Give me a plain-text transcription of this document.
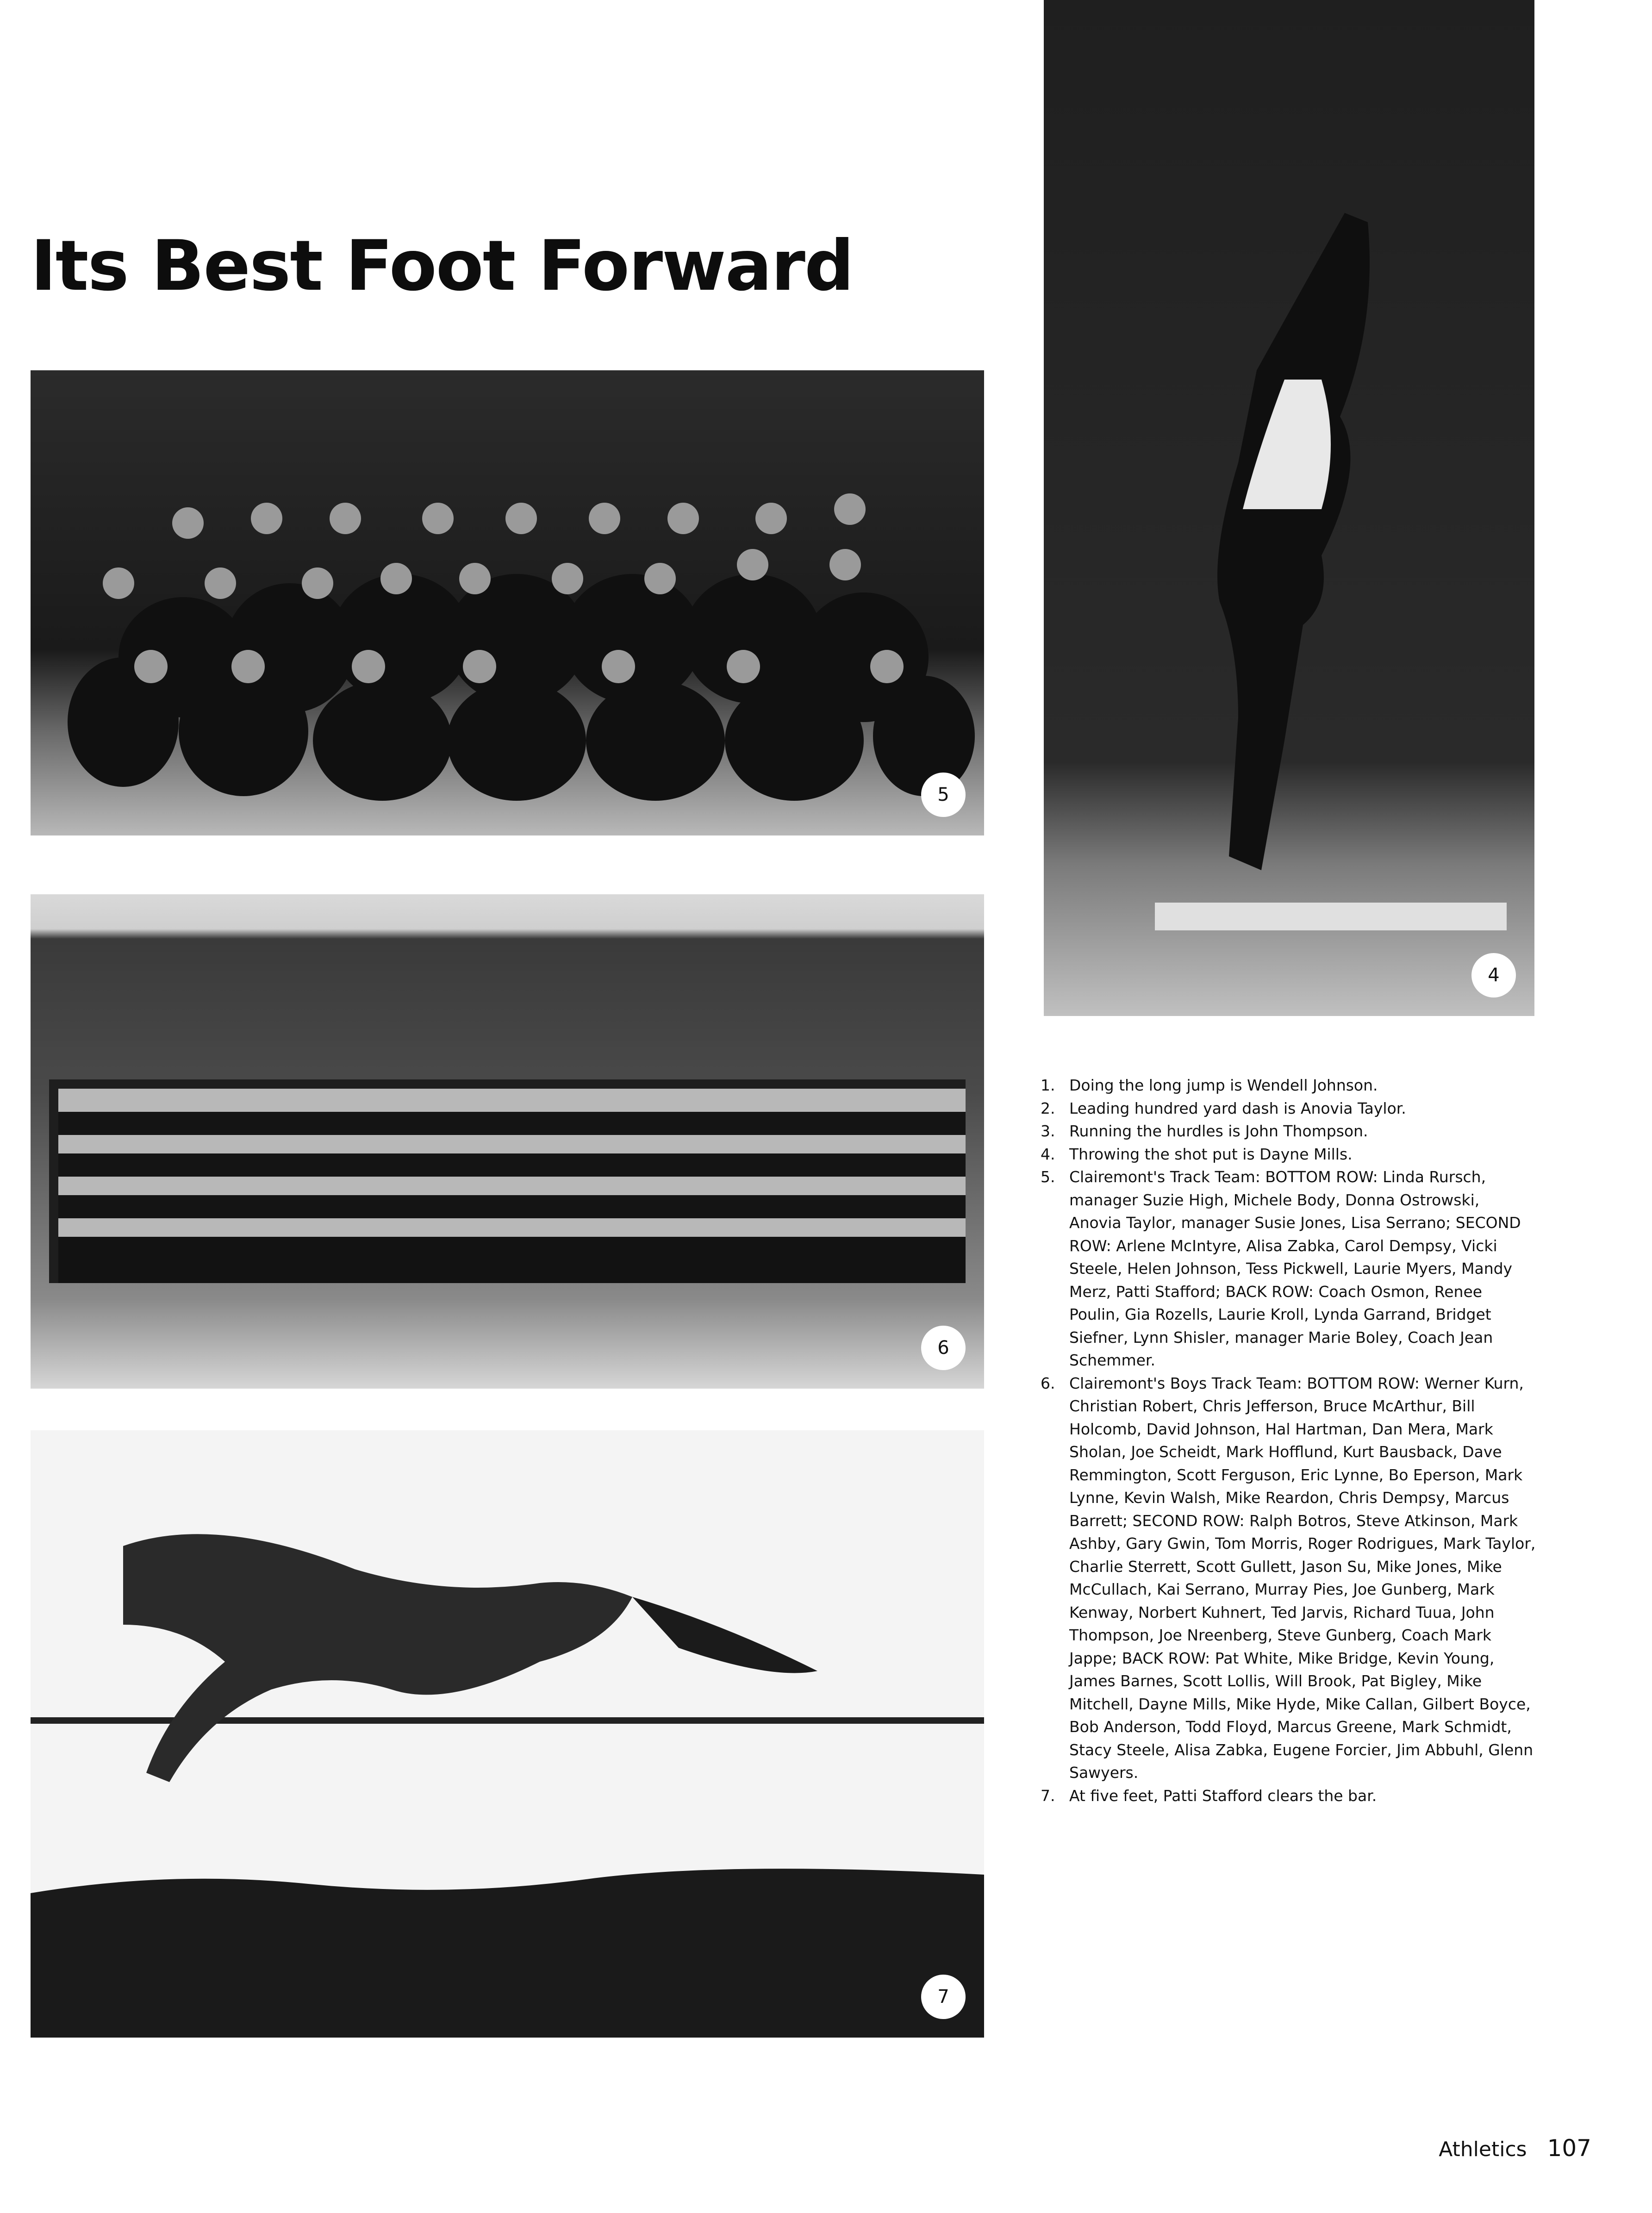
Its Best Foot Forward
5
6
7
4
1. Doing the long jump is Wendell Johnson.
2. Leading hundred yard dash is Anovia Taylor.
3. Running the hurdles is John Thompson.
4. Throwing the shot put is Dayne Mills.
5. Clairemont's Track Team: BOTTOM ROW: Linda Rursch, manager Suzie High, Michele Body, Donna Ostrowski, Anovia Taylor, manager Susie Jones, Lisa Serrano; SECOND ROW: Arlene McIntyre, Alisa Zabka, Carol Dempsy, Vicki Steele, Helen Johnson, Tess Pickwell, Laurie Myers, Mandy Merz, Patti Stafford; BACK ROW: Coach Osmon, Renee Poulin, Gia Rozells, Laurie Kroll, Lynda Garrand, Bridget Siefner, Lynn Shisler, manager Marie Boley, Coach Jean Schemmer.
6. Clairemont's Boys Track Team: BOTTOM ROW: Werner Kurn, Christian Robert, Chris Jefferson, Bruce McArthur, Bill Holcomb, David Johnson, Hal Hartman, Dan Mera, Mark Sholan, Joe Scheidt, Mark Hofflund, Kurt Bausback, Dave Remmington, Scott Ferguson, Eric Lynne, Bo Eperson, Mark Lynne, Kevin Walsh, Mike Reardon, Chris Dempsy, Marcus Barrett; SECOND ROW: Ralph Botros, Steve Atkinson, Mark Ashby, Gary Gwin, Tom Morris, Roger Rodrigues, Mark Taylor, Charlie Sterrett, Scott Gullett, Jason Su, Mike Jones, Mike McCullach, Kai Serrano, Murray Pies, Joe Gunberg, Mark Kenway, Norbert Kuhnert, Ted Jarvis, Richard Tuua, John Thompson, Joe Nreenberg, Steve Gunberg, Coach Mark Jappe; BACK ROW: Pat White, Mike Bridge, Kevin Young, James Barnes, Scott Lollis, Will Brook, Pat Bigley, Mike Mitchell, Dayne Mills, Mike Hyde, Mike Callan, Gilbert Boyce, Bob Anderson, Todd Floyd, Marcus Greene, Mark Schmidt, Stacy Steele, Alisa Zabka, Eugene Forcier, Jim Abbuhl, Glenn Sawyers.
7. At five feet, Patti Stafford clears the bar.
Athletics 107
